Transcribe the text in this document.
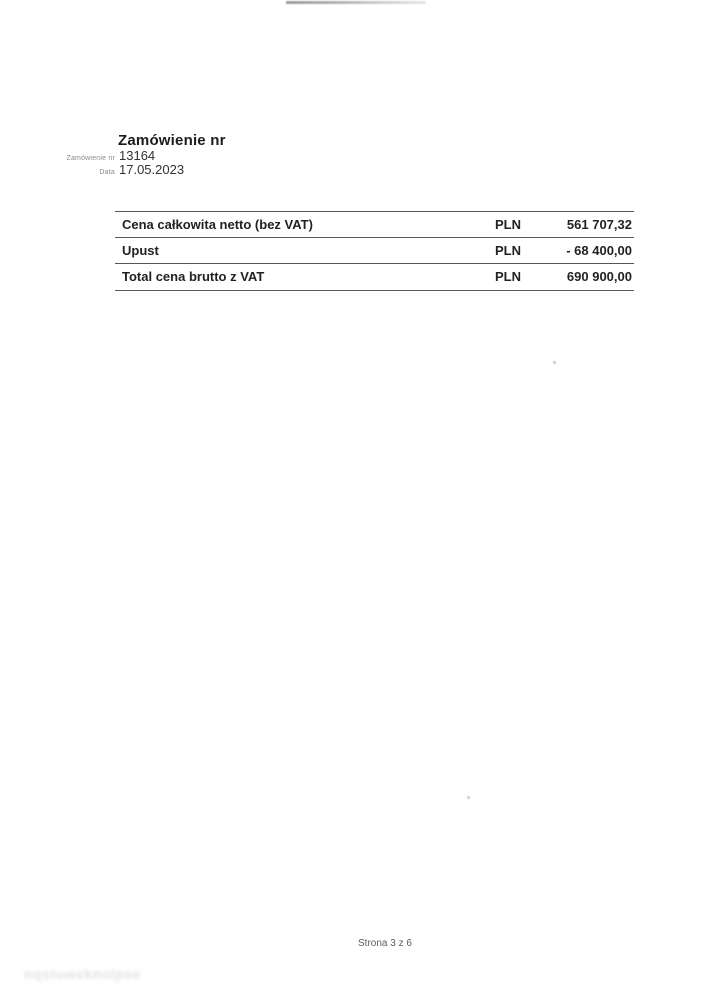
Zamówienie nr
Zamówienie nr 13164
Data 17.05.2023
Cena całkowita netto (bez VAT)	PLN	561 707,32
Upust	PLN	- 68 400,00
Total cena brutto z VAT	PLN	690 900,00
Strona 3 z 6
nqstuweknolpse
